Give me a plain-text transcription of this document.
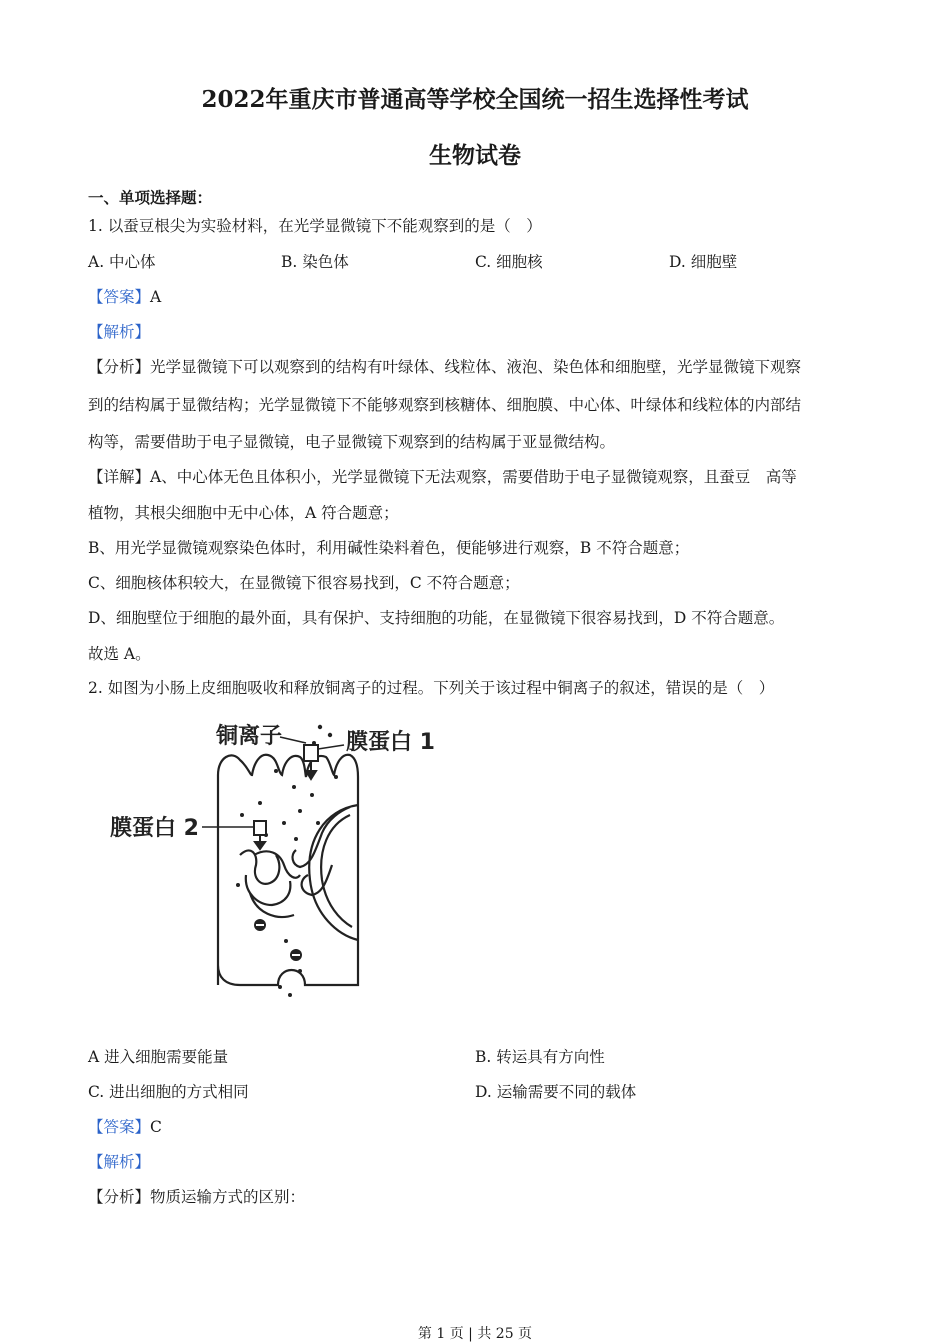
2022年重庆市普通高等学校全国统一招生选择性考试
生物试卷
一、单项选择题：
1. 以蚕豆根尖为实验材料，在光学显微镜下不能观察到的是（　）
A. 中心体	B. 染色体	C. 细胞核	D. 细胞壁
【答案】A
【解析】
【分析】光学显微镜下可以观察到的结构有叶绿体、线粒体、液泡、染色体和细胞壁，光学显微镜下观察
到的结构属于显微结构；光学显微镜下不能够观察到核糖体、细胞膜、中心体、叶绿体和线粒体的内部结
构等，需要借助于电子显微镜，电子显微镜下观察到的结构属于亚显微结构。
【详解】A、中心体无色且体积小，光学显微镜下无法观察，需要借助于电子显微镜观察，且蚕豆　高等
植物，其根尖细胞中无中心体，A 符合题意；
B、用光学显微镜观察染色体时，利用碱性染料着色，便能够进行观察，B 不符合题意；
C、细胞核体积较大，在显微镜下很容易找到，C 不符合题意；
D、细胞壁位于细胞的最外面，具有保护、支持细胞的功能，在显微镜下很容易找到，D 不符合题意。
故选 A。
2. 如图为小肠上皮细胞吸收和释放铜离子的过程。下列关于该过程中铜离子的叙述，错误的是（　）
铜离子	膜蛋白 1
膜蛋白 2
A 进入细胞需要能量	B. 转运具有方向性
C. 进出细胞的方式相同	D. 运输需要不同的载体
【答案】C
【解析】
【分析】物质运输方式的区别：
第 1 页 | 共 25 页
